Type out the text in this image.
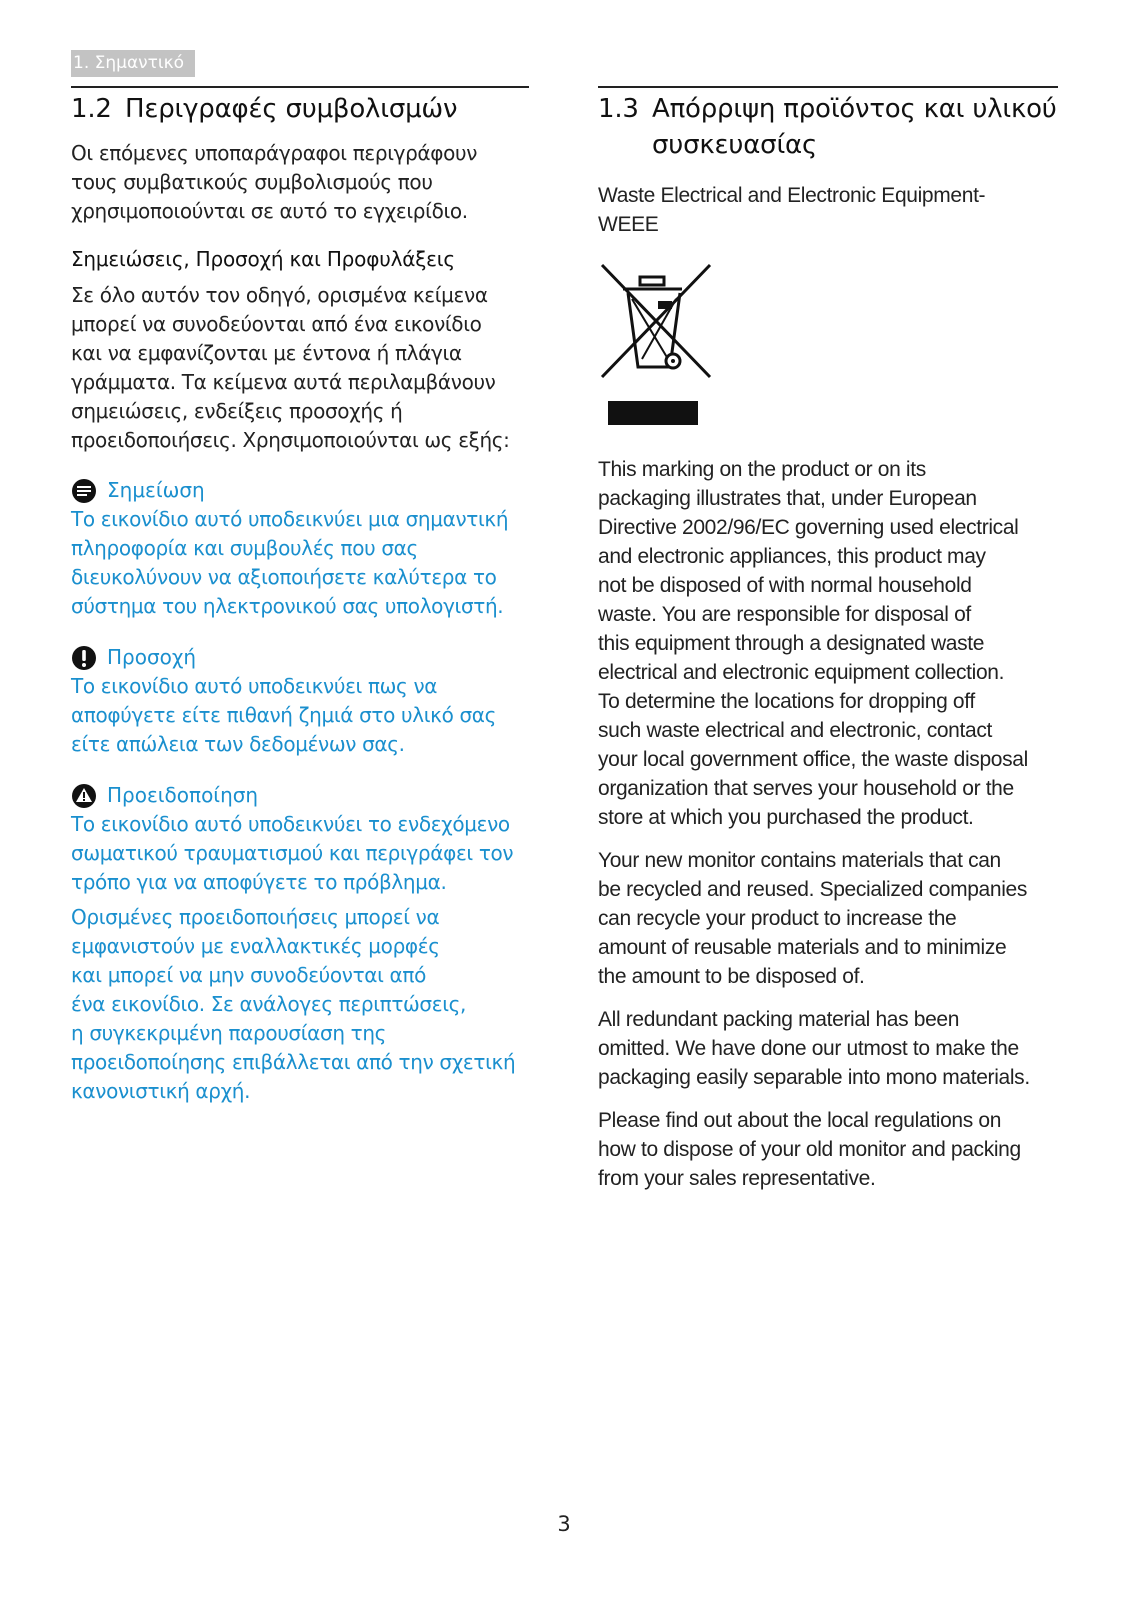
1. Σημαντικό
1.2 Περιγραφές συμβολισμών
Οι επόμενες υποπαράγραφοι περιγράφουν
τους συμβατικούς συμβολισμούς που
χρησιμοποιούνται σε αυτό το εγχειρίδιο.
Σημειώσεις, Προσοχή και Προφυλάξεις
Σε όλο αυτόν τον οδηγό, ορισμένα κείμενα
μπορεί να συνοδεύονται από ένα εικονίδιο
και να εμφανίζονται με έντονα ή πλάγια
γράμματα. Τα κείμενα αυτά περιλαμβάνουν
σημειώσεις, ενδείξεις προσοχής ή
προειδοποιήσεις. Χρησιμοποιούνται ως εξής:
Σημείωση
Το εικονίδιο αυτό υποδεικνύει μια σημαντική
πληροφορία και συμβουλές που σας
διευκολύνουν να αξιοποιήσετε καλύτερα το
σύστημα του ηλεκτρονικού σας υπολογιστή.
Προσοχή
Το εικονίδιο αυτό υποδεικνύει πως να
αποφύγετε είτε πιθανή ζημιά στο υλικό σας
είτε απώλεια των δεδομένων σας.
Προειδοποίηση
Το εικονίδιο αυτό υποδεικνύει το ενδεχόμενο
σωματικού τραυματισμού και περιγράφει τον
τρόπο για να αποφύγετε το πρόβλημα.
Ορισμένες προειδοποιήσεις μπορεί να
εμφανιστούν με εναλλακτικές μορφές
και μπορεί να μην συνοδεύονται από
ένα εικονίδιο. Σε ανάλογες περιπτώσεις,
η συγκεκριμένη παρουσίαση της
προειδοποίησης επιβάλλεται από την σχετική
κανονιστική αρχή.
1.3 Απόρριψη προϊόντος και υλικού
συσκευασίας
Waste Electrical and Electronic Equipment-
WEEE
This marking on the product or on its
packaging illustrates that, under European
Directive 2002/96/EC governing used electrical
and electronic appliances, this product may
not be disposed of with normal household
waste. You are responsible for disposal of
this equipment through a designated waste
electrical and electronic equipment collection.
To determine the locations for dropping off
such waste electrical and electronic, contact
your local government office, the waste disposal
organization that serves your household or the
store at which you purchased the product.
Your new monitor contains materials that can
be recycled and reused. Specialized companies
can recycle your product to increase the
amount of reusable materials and to minimize
the amount to be disposed of.
All redundant packing material has been
omitted. We have done our utmost to make the
packaging easily separable into mono materials.
Please find out about the local regulations on
how to dispose of your old monitor and packing
from your sales representative.
3
